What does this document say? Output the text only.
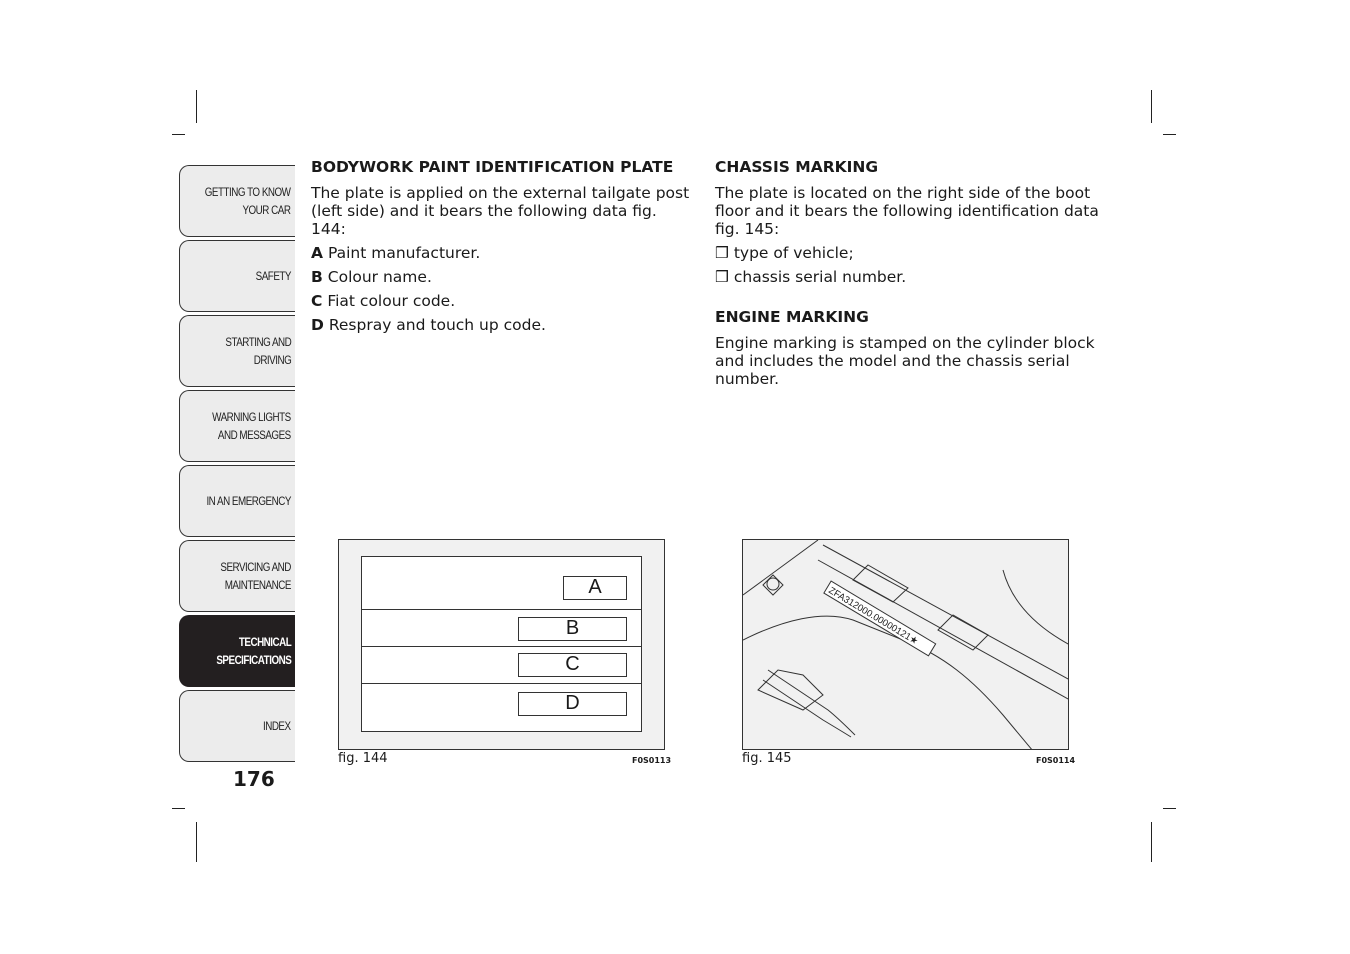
GETTING TO KNOW
YOUR CAR
SAFETY
STARTING AND
DRIVING
WARNING LIGHTS
AND MESSAGES
IN AN EMERGENCY
SERVICING AND
MAINTENANCE
TECHNICAL
SPECIFICATIONS
INDEX
176
BODYWORK PAINT IDENTIFICATION PLATE

The plate is applied on the external tailgate post (left side) and it bears the following data fig. 144:

A Paint manufacturer.

B Colour name.

C Fiat colour code.

D Respray and touch up code.

CHASSIS MARKING

The plate is located on the right side of the boot floor and it bears the following identification data fig. 145:

❒ type of vehicle;

❒ chassis serial number.

ENGINE MARKING

Engine marking is stamped on the cylinder block and includes the model and the chassis serial number.

A
B
C
D
fig. 144	F0S0113
ZFA312000.00000121★
fig. 145	F0S0114
